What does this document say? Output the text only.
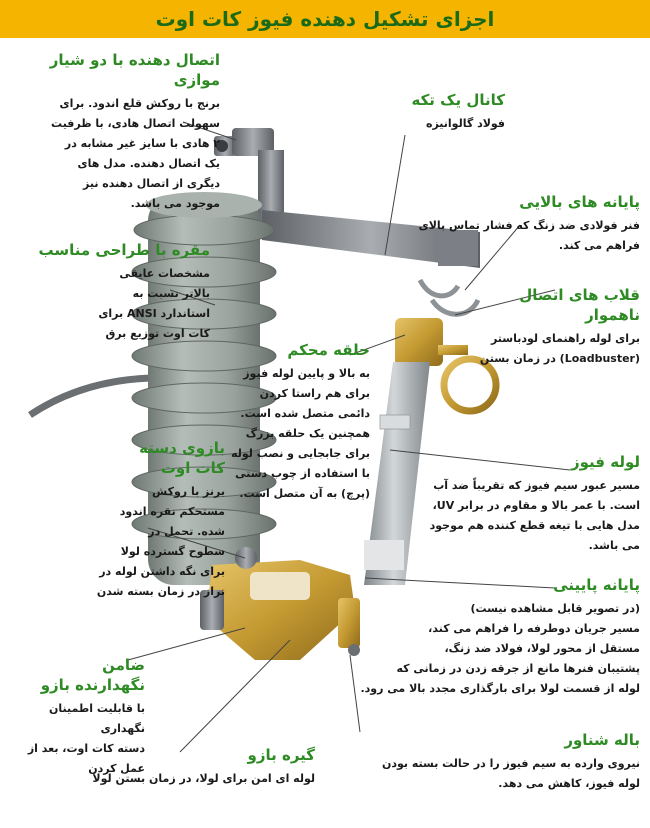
اجزای تشکیل دهنده فیوز کات اوت
اتصال دهنده با دو شیار موازی
برنج با روکش قلع اندود. برای
سهولت اتصال هادی، با ظرفیت
۲ هادی با سایز غیر مشابه در
یک اتصال دهنده. مدل های
دیگری از اتصال دهنده نیز
موجود می باشد.
کانال یک تکه
فولاد گالوانیزه
پایانه های بالایی
فنر فولادی ضد زنگ که فشار تماس بالای
فراهم می کند.
مقره با طراحی مناسب
مشخصات عایقی
بالاتر نسبت به
استاندارد ANSI برای
کات اوت توزیع برق
قلاب های اتصال ناهموار
برای لوله راهنمای لودباستر
(Loadbuster) در زمان بستن
حلقه محکم
به بالا و پایین لوله فیوز
برای هم راستا کردن
دائمی متصل شده است.
همچنین یک حلقه بزرگ
برای جابجایی و نصب لوله
با استفاده از چوب دستی
(پرچ) به آن متصل است.
بازوی دسته
کات اوت
برنز با روکش
مستحکم نقره اندود
شده. تحمل در
سطوح گسترده لولا
برای نگه داشتن لوله در
تراز در زمان بسته شدن
لوله فیوز
مسیر عبور سیم فیوز که تقریباً ضد آب
است. با عمر بالا و مقاوم در برابر UV،
مدل هایی با تیغه قطع کننده هم موجود
می باشد.
پایانه پایینی
(در تصویر قابل مشاهده نیست)
مسیر جریان دوطرفه را فراهم می کند،
مستقل از محور لولا، فولاد ضد زنگ،
پشتیبان فنرها مانع از جرقه زدن در زمانی که
لوله از قسمت لولا برای بارگذاری مجدد بالا می رود.
ضامن
نگهدارنده بازو
با قابلیت اطمینان نگهداری
دسته کات اوت، بعد از
عمل کردن
گیره بازو
لوله ای امن برای لولا، در زمان بستن لولا
باله شناور
نیروی وارده به سیم فیوز را در حالت بسته بودن
لوله فیوز، کاهش می دهد.
